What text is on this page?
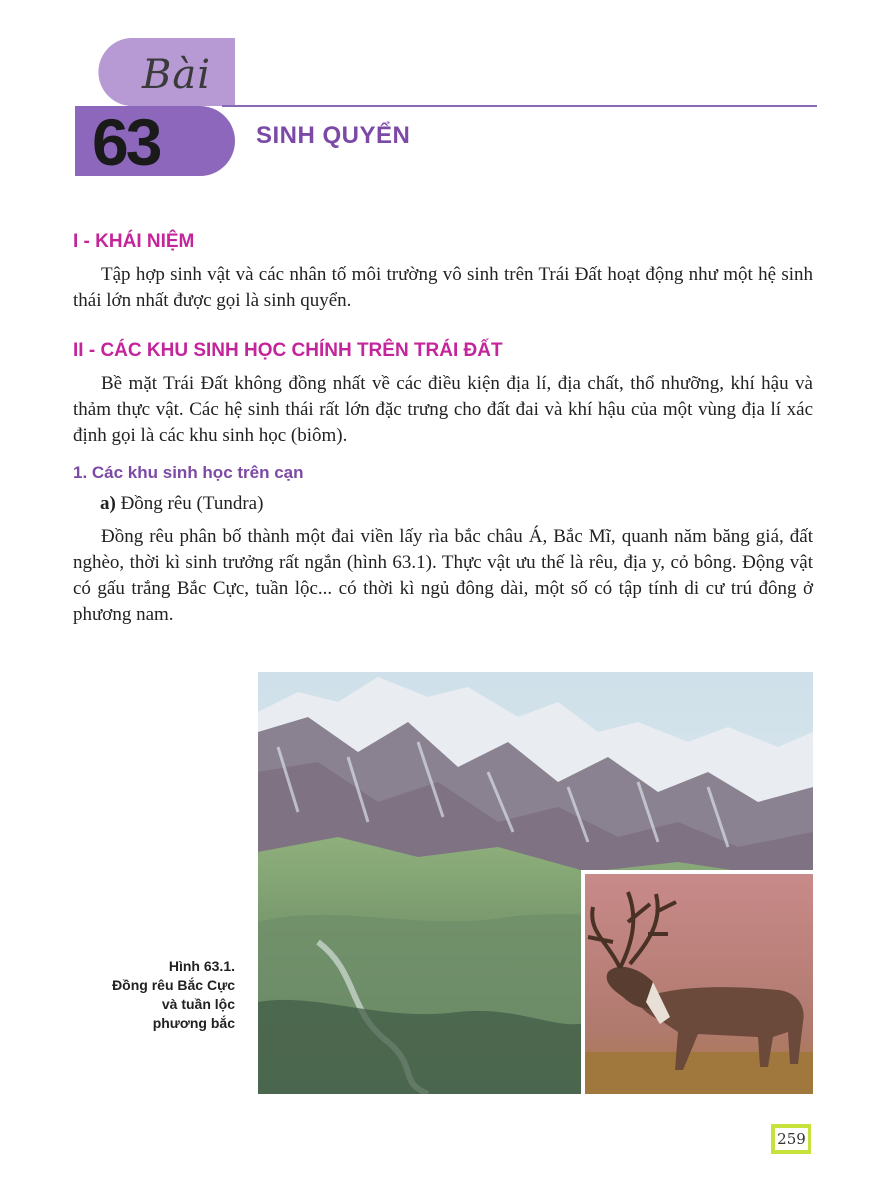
Bài
63	SINH QUYỂN
I - KHÁI NIỆM

Tập hợp sinh vật và các nhân tố môi trường vô sinh trên Trái Đất hoạt động như một hệ sinh thái lớn nhất được gọi là sinh quyển.

II - CÁC KHU SINH HỌC CHÍNH TRÊN TRÁI ĐẤT

Bề mặt Trái Đất không đồng nhất về các điều kiện địa lí, địa chất, thổ nhưỡng, khí hậu và thảm thực vật. Các hệ sinh thái rất lớn đặc trưng cho đất đai và khí hậu của một vùng địa lí xác định gọi là các khu sinh học (biôm).

1. Các khu sinh học trên cạn

a) Đồng rêu (Tundra)

Đồng rêu phân bố thành một đai viền lấy rìa bắc châu Á, Bắc Mĩ, quanh năm băng giá, đất nghèo, thời kì sinh trưởng rất ngắn (hình 63.1). Thực vật ưu thế là rêu, địa y, cỏ bông. Động vật có gấu trắng Bắc Cực, tuần lộc... có thời kì ngủ đông dài, một số có tập tính di cư trú đông ở phương nam.

Hình 63.1.
Đồng rêu Bắc Cực
và tuần lộc
phương bắc
259
